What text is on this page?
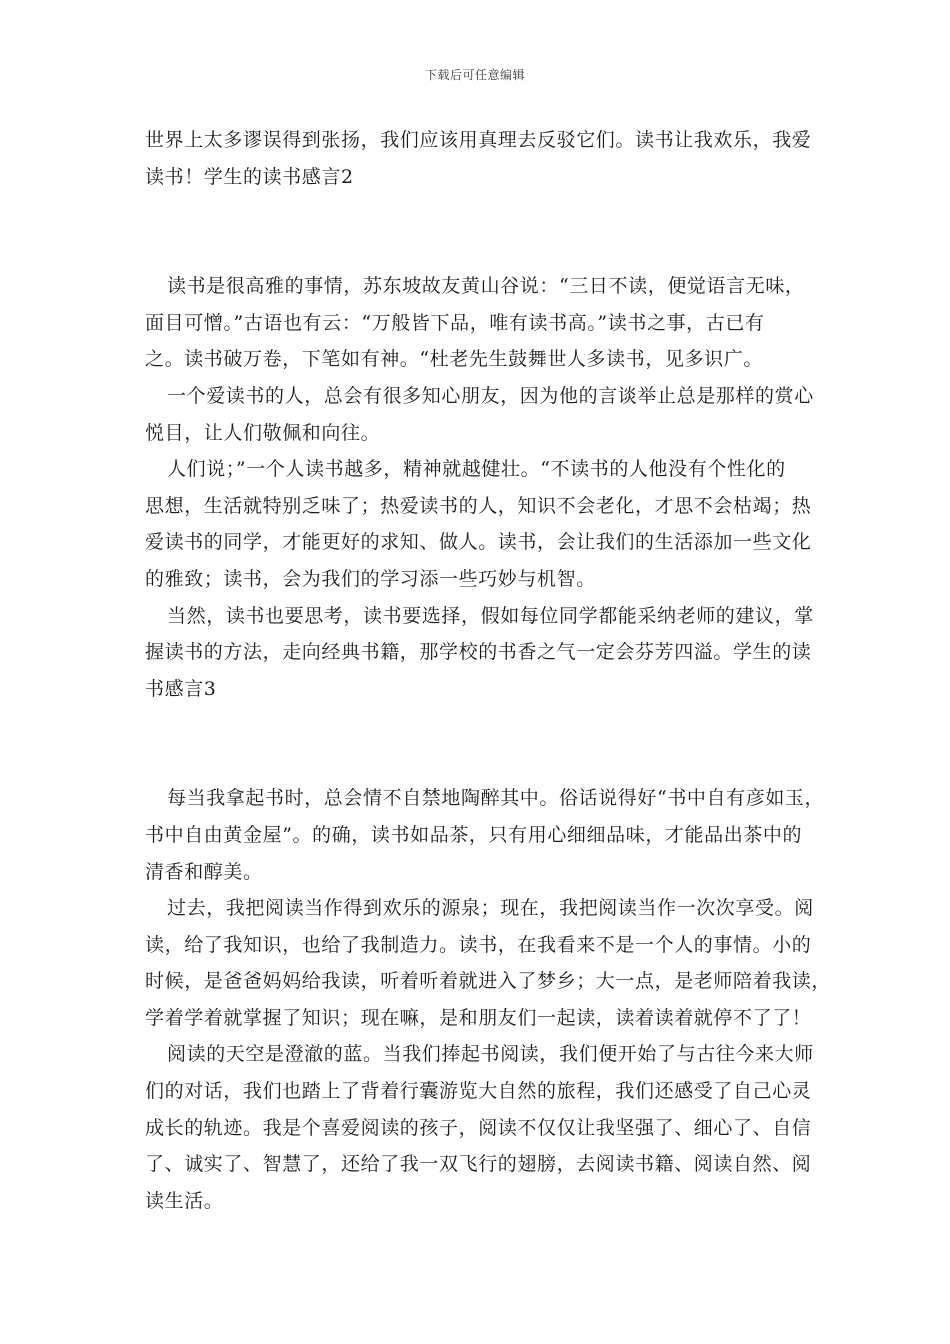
下载后可任意编辑
世界上太多谬误得到张扬，我们应该用真理去反驳它们。读书让我欢乐，我爱
读书！学生的读书感言2
读书是很高雅的事情，苏东坡故友黄山谷说：“三日不读，便觉语言无味，
面目可憎。”古语也有云：“万般皆下品，唯有读书高。”读书之事，古已有
之。读书破万卷，下笔如有神。“杜老先生鼓舞世人多读书，见多识广。
一个爱读书的人，总会有很多知心朋友，因为他的言谈举止总是那样的赏心
悦目，让人们敬佩和向往。
人们说；”一个人读书越多，精神就越健壮。“不读书的人他没有个性化的
思想，生活就特别乏味了；热爱读书的人，知识不会老化，才思不会枯竭；热
爱读书的同学，才能更好的求知、做人。读书，会让我们的生活添加一些文化
的雅致；读书，会为我们的学习添一些巧妙与机智。
当然，读书也要思考，读书要选择，假如每位同学都能采纳老师的建议，掌
握读书的方法，走向经典书籍，那学校的书香之气一定会芬芳四溢。学生的读
书感言3
每当我拿起书时，总会情不自禁地陶醉其中。俗话说得好“书中自有彦如玉，
书中自由黄金屋”。的确，读书如品茶，只有用心细细品味，才能品出茶中的
清香和醇美。
过去，我把阅读当作得到欢乐的源泉；现在，我把阅读当作一次次享受。阅
读，给了我知识，也给了我制造力。读书，在我看来不是一个人的事情。小的
时候，是爸爸妈妈给我读，听着听着就进入了梦乡；大一点，是老师陪着我读，
学着学着就掌握了知识；现在嘛，是和朋友们一起读，读着读着就停不了了！
阅读的天空是澄澈的蓝。当我们捧起书阅读，我们便开始了与古往今来大师
们的对话，我们也踏上了背着行囊游览大自然的旅程，我们还感受了自己心灵
成长的轨迹。我是个喜爱阅读的孩子，阅读不仅仅让我坚强了、细心了、自信
了、诚实了、智慧了，还给了我一双飞行的翅膀，去阅读书籍、阅读自然、阅
读生活。
